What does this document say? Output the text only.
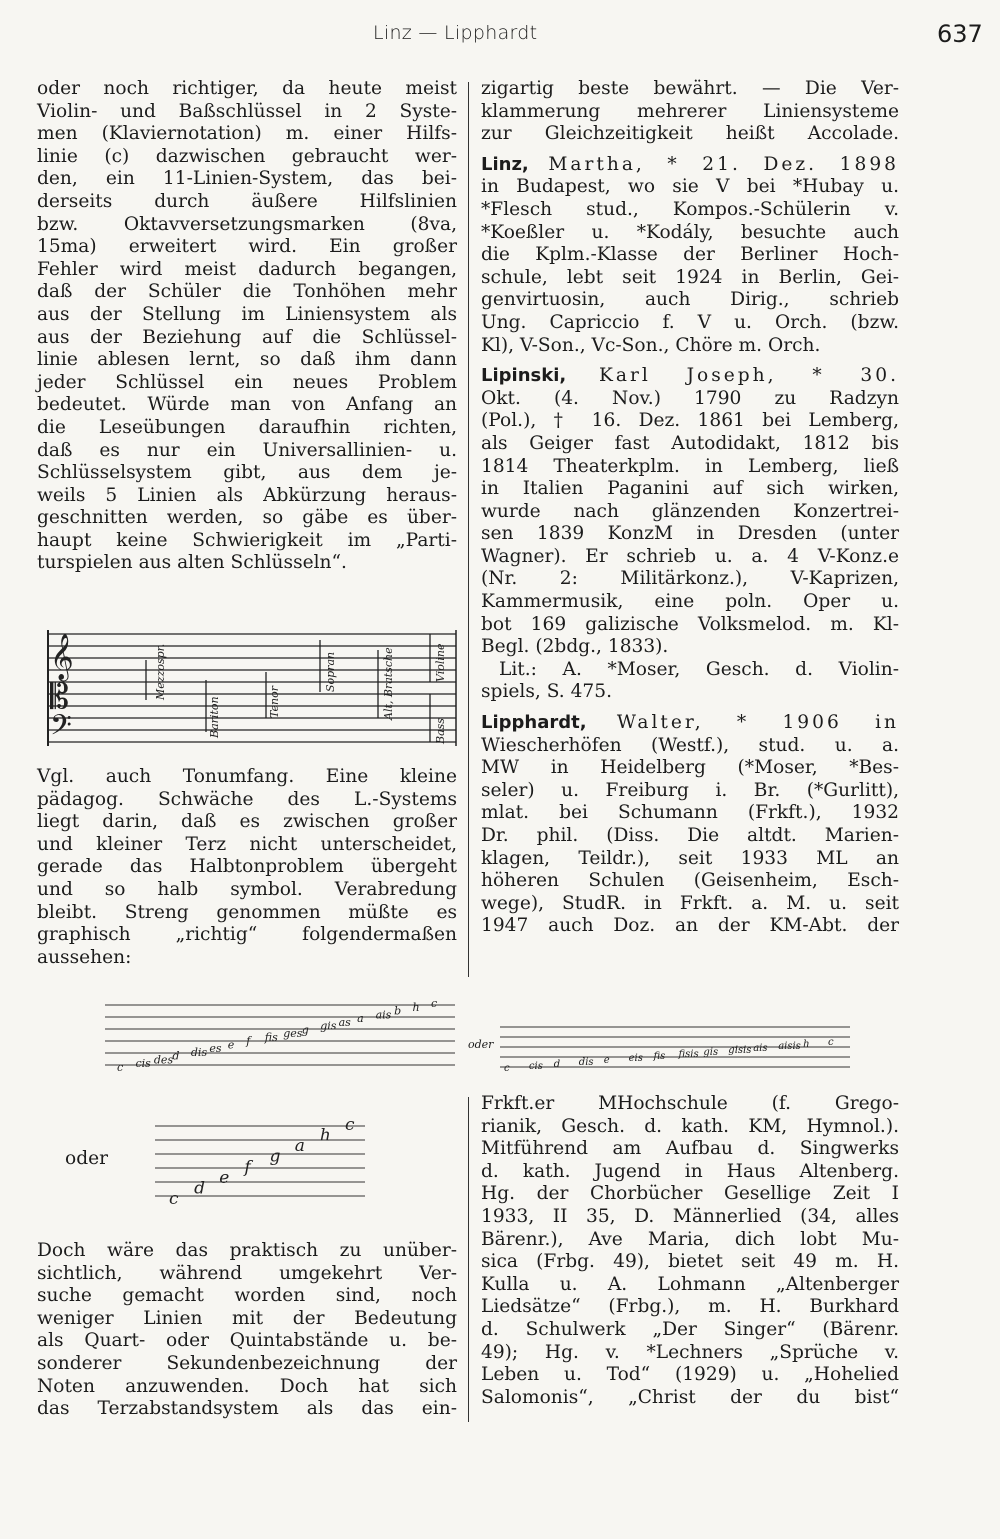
Linz — Lipphardt	637
oder noch richtiger, da heute meist
Violin- und Baßschlüssel in 2 Syste-
men (Klaviernotation) m. einer Hilfs-
linie (c) dazwischen gebraucht wer-
den, ein 11-Linien-System, das bei-
derseits durch äußere Hilfslinien
bzw. Oktavversetzungsmarken (8va,
15ma) erweitert wird. Ein großer
Fehler wird meist dadurch begangen,
daß der Schüler die Tonhöhen mehr
aus der Stellung im Liniensystem als
aus der Beziehung auf die Schlüssel-
linie ablesen lernt, so daß ihm dann
jeder Schlüssel ein neues Problem
bedeutet. Würde man von Anfang an
die Leseübungen daraufhin richten,
daß es nur ein Universallinien- u.
Schlüsselsystem gibt, aus dem je-
weils 5 Linien als Abkürzung heraus-
geschnitten werden, so gäbe es über-
haupt keine Schwierigkeit im „Parti-
turspielen aus alten Schlüsseln“.
𝄞
𝄡
𝄢
Mezzospr.
Bariton	Tenor
Sopran	Alt, Bratsche	Violine
Bass
Vgl. auch Tonumfang. Eine kleine
pädagog. Schwäche des L.-Systems
liegt darin, daß es zwischen großer
und kleiner Terz nicht unterscheidet,
gerade das Halbtonproblem übergeht
und so halb symbol. Verabredung
bleibt. Streng genommen müßte es
graphisch „richtig“ folgendermaßen
aussehen:
c cis des d dis es e f fis ges g gis as a ais b h c
oder
c cis d dis e eis fis fisis gis gisis ais aisis h c
oder
c
d
e
f
g
a
h
c
Doch wäre das praktisch zu unüber-
sichtlich, während umgekehrt Ver-
suche gemacht worden sind, noch
weniger Linien mit der Bedeutung
als Quart- oder Quintabstände u. be-
sonderer Sekundenbezeichnung der
Noten anzuwenden. Doch hat sich
das Terzabstandsystem als das ein-
zigartig beste bewährt. — Die Ver-
klammerung mehrerer Liniensysteme
zur Gleichzeitigkeit heißt Accolade.
Linz, Martha, * 21. Dez. 1898
in Budapest, wo sie V bei *Hubay u.
*Flesch stud., Kompos.-Schülerin v.
*Koeßler u. *Kodály, besuchte auch
die Kplm.-Klasse der Berliner Hoch-
schule, lebt seit 1924 in Berlin, Gei-
genvirtuosin, auch Dirig., schrieb
Ung. Capriccio f. V u. Orch. (bzw.
Kl), V-Son., Vc-Son., Chöre m. Orch.
Lipinski, Karl Joseph, * 30.
Okt. (4. Nov.) 1790 zu Radzyn
(Pol.), † 16. Dez. 1861 bei Lemberg,
als Geiger fast Autodidakt, 1812 bis
1814 Theaterkplm. in Lemberg, ließ
in Italien Paganini auf sich wirken,
wurde nach glänzenden Konzertrei-
sen 1839 KonzM in Dresden (unter
Wagner). Er schrieb u. a. 4 V-Konz.e
(Nr. 2: Militärkonz.), V-Kaprizen,
Kammermusik, eine poln. Oper u.
bot 169 galizische Volksmelod. m. Kl-
Begl. (2bdg., 1833).
Lit.: A. *Moser, Gesch. d. Violin-
spiels, S. 475.
Lipphardt, Walter, * 1906 in
Wiescherhöfen (Westf.), stud. u. a.
MW in Heidelberg (*Moser, *Bes-
seler) u. Freiburg i. Br. (*Gurlitt),
mlat. bei Schumann (Frkft.), 1932
Dr. phil. (Diss. Die altdt. Marien-
klagen, Teildr.), seit 1933 ML an
höheren Schulen (Geisenheim, Esch-
wege), StudR. in Frkft. a. M. u. seit
1947 auch Doz. an der KM-Abt. der
Frkft.er MHochschule (f. Grego-
rianik, Gesch. d. kath. KM, Hymnol.).
Mitführend am Aufbau d. Singwerks
d. kath. Jugend in Haus Altenberg.
Hg. der Chorbücher Gesellige Zeit I
1933, II 35, D. Männerlied (34, alles
Bärenr.), Ave Maria, dich lobt Mu-
sica (Frbg. 49), bietet seit 49 m. H.
Kulla u. A. Lohmann „Altenberger
Liedsätze“ (Frbg.), m. H. Burkhard
d. Schulwerk „Der Singer“ (Bärenr.
49); Hg. v. *Lechners „Sprüche v.
Leben u. Tod“ (1929) u. „Hohelied
Salomonis“, „Christ der du bist“
